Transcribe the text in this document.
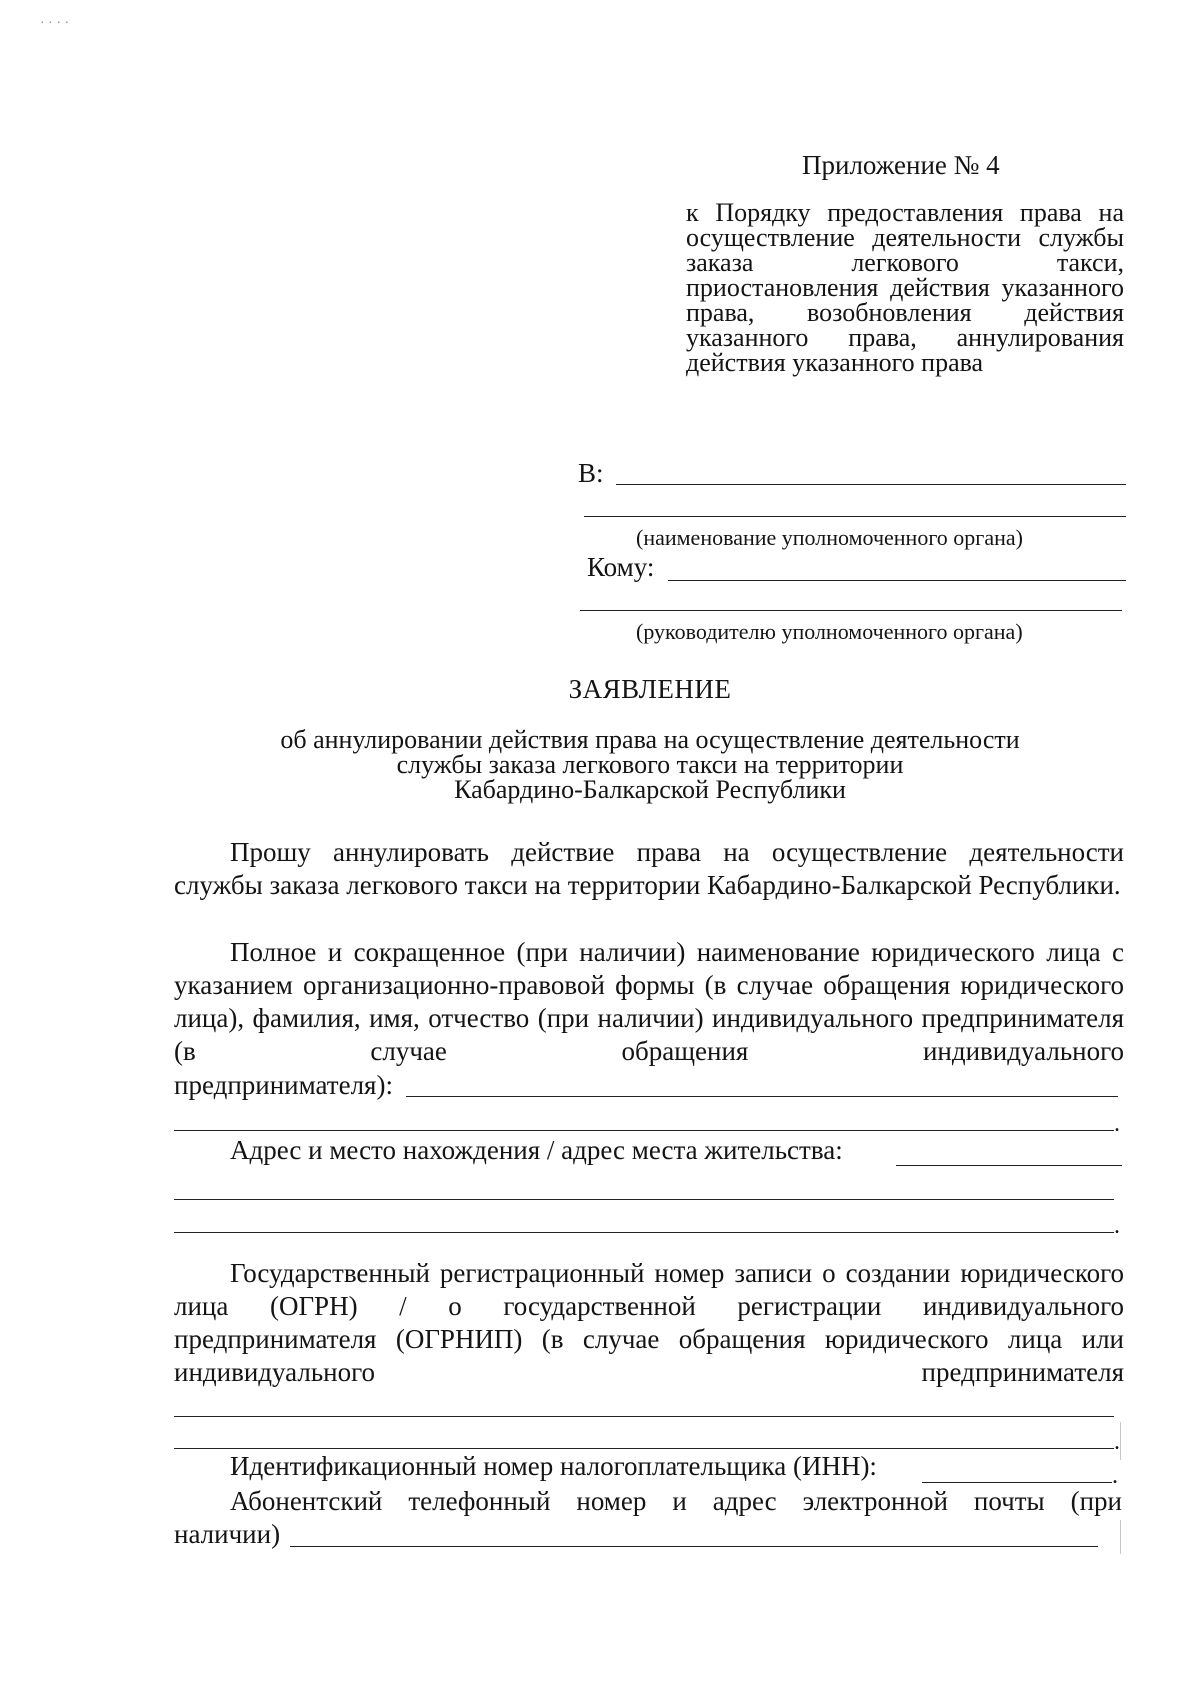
· · · ·
Приложение № 4
к Порядку предоставления права на осуществление деятельности службы заказа легкового такси, приостановления действия указанного права, возобновления действия указанного права, аннулирования действия указанного права
В:
(наименование уполномоченного органа)
Кому:
(руководителю уполномоченного органа)
ЗАЯВЛЕНИЕ
об аннулировании действия права на осуществление деятельности
службы заказа легкового такси на территории
Кабардино-Балкарской Республики
Прошу аннулировать действие права на осуществление деятельности службы заказа легкового такси на территории Кабардино-Балкарской Республики.
Полное и сокращенное (при наличии) наименование юридического лица с указанием организационно-правовой формы (в случае обращения юридического лица), фамилия, имя, отчество (при наличии) индивидуального предпринимателя (в случае обращения индивидуального
предпринимателя):
.
Адрес и место нахождения / адрес места жительства:
.
Государственный регистрационный номер записи о создании юридического лица (ОГРН) / о государственной регистрации индивидуального предпринимателя (ОГРНИП) (в случае обращения юридического лица или индивидуального предпринимателя
.
Идентификационный номер налогоплательщика (ИНН):	.
Абонентский телефонный номер и адрес электронной почты (при
наличии)
